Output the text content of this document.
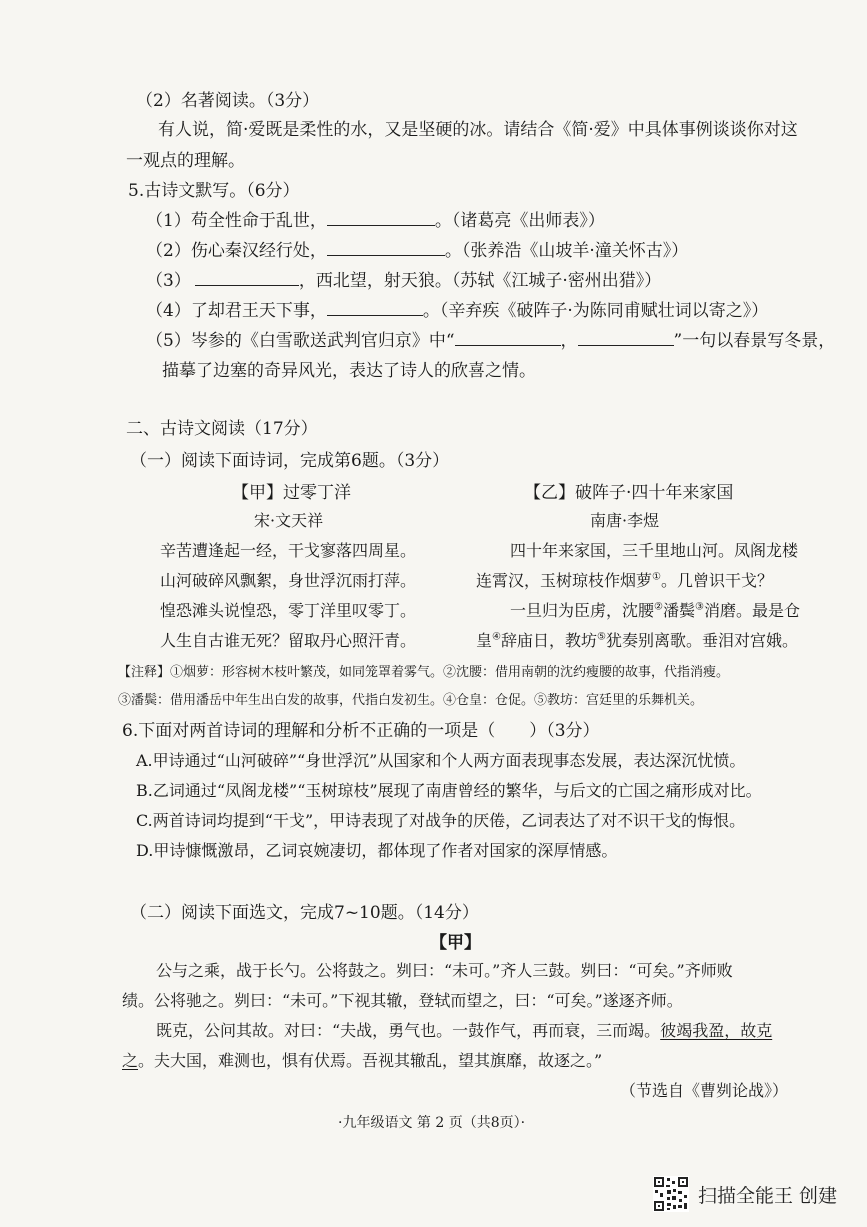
（2）名著阅读。（3分）
有人说，简·爱既是柔性的水，又是坚硬的冰。请结合《简·爱》中具体事例谈谈你对这
一观点的理解。
5.古诗文默写。（6分）
（1）苟全性命于乱世，	。（诸葛亮《出师表》）
（2）伤心秦汉经行处，	。（张养浩《山坡羊·潼关怀古》）
（3）	，西北望，射天狼。（苏轼《江城子·密州出猎》）
（4）了却君王天下事，	。（辛弃疾《破阵子·为陈同甫赋壮词以寄之》）
（5）岑参的《白雪歌送武判官归京》中“	，	”一句以春景写冬景，
描摹了边塞的奇异风光，表达了诗人的欣喜之情。
二、古诗文阅读（17分）
（一）阅读下面诗词，完成第6题。（3分）
【甲】过零丁洋
宋·文天祥
辛苦遭逢起一经，干戈寥落四周星。
山河破碎风飘絮，身世浮沉雨打萍。
惶恐滩头说惶恐，零丁洋里叹零丁。
人生自古谁无死？留取丹心照汗青。
【乙】破阵子·四十年来家国
南唐·李煜
四十年来家国，三千里地山河。凤阁龙楼
连霄汉，玉树琼枝作烟萝①。几曾识干戈？
一旦归为臣虏，沈腰②潘鬓③消磨。最是仓
皇④辞庙日，教坊⑤犹奏别离歌。垂泪对宫娥。
【注释】①烟萝：形容树木枝叶繁茂，如同笼罩着雾气。②沈腰：借用南朝的沈约瘦腰的故事，代指消瘦。
③潘鬓：借用潘岳中年生出白发的故事，代指白发初生。④仓皇：仓促。⑤教坊：宫廷里的乐舞机关。
6.下面对两首诗词的理解和分析不正确的一项是（　　）（3分）
A.甲诗通过“山河破碎”“身世浮沉”从国家和个人两方面表现事态发展，表达深沉忧愤。
B.乙词通过“凤阁龙楼”“玉树琼枝”展现了南唐曾经的繁华，与后文的亡国之痛形成对比。
C.两首诗词均提到“干戈”，甲诗表现了对战争的厌倦，乙词表达了对不识干戈的悔恨。
D.甲诗慷慨激昂，乙词哀婉凄切，都体现了作者对国家的深厚情感。
（二）阅读下面选文，完成7~10题。（14分）
【甲】
公与之乘，战于长勺。公将鼓之。刿曰：“未可。”齐人三鼓。刿曰：“可矣。”齐师败
绩。公将驰之。刿曰：“未可。”下视其辙，登轼而望之，曰：“可矣。”遂逐齐师。
既克，公问其故。对曰：“夫战，勇气也。一鼓作气，再而衰，三而竭。彼竭我盈，故克
之。夫大国，难测也，惧有伏焉。吾视其辙乱，望其旗靡，故逐之。”
（节选自《曹刿论战》）
·九年级语文 第 2 页（共8页）·
扫描全能王 创建
